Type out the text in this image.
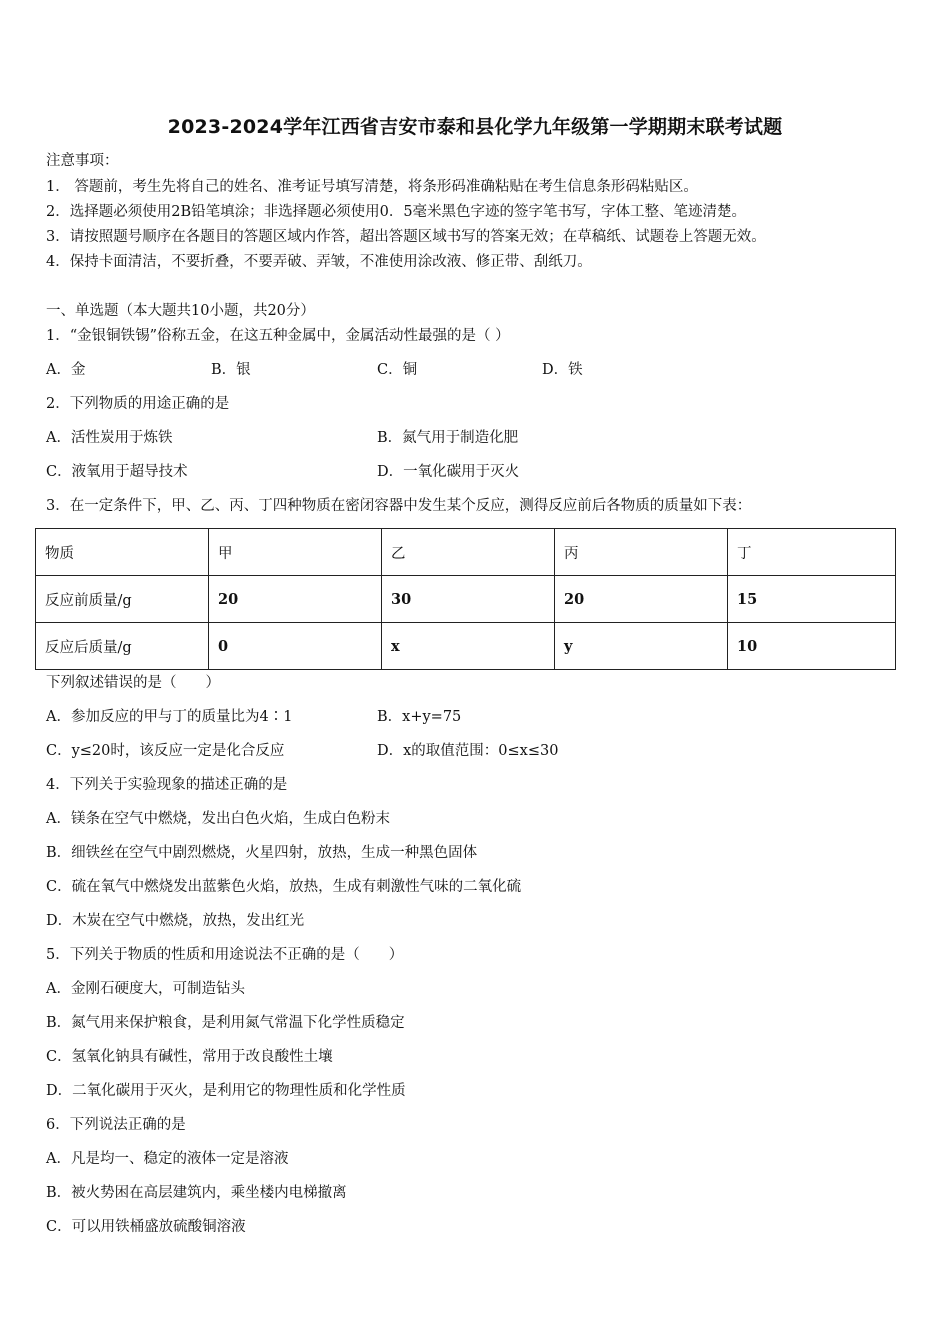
2023-2024学年江西省吉安市泰和县化学九年级第一学期期末联考试题
注意事项：
1． 答题前，考生先将自己的姓名、准考证号填写清楚，将条形码准确粘贴在考生信息条形码粘贴区。
2．选择题必须使用2B铅笔填涂；非选择题必须使用0．5毫米黑色字迹的签字笔书写，字体工整、笔迹清楚。
3．请按照题号顺序在各题目的答题区域内作答，超出答题区域书写的答案无效；在草稿纸、试题卷上答题无效。
4．保持卡面清洁，不要折叠，不要弄破、弄皱，不准使用涂改液、修正带、刮纸刀。
一、单选题（本大题共10小题，共20分）
1．“金银铜铁锡”俗称五金，在这五种金属中，金属活动性最强的是（ ）
A．金	B．银	C．铜	D．铁
2．下列物质的用途正确的是
A．活性炭用于炼铁	B．氮气用于制造化肥
C．液氧用于超导技术	D．一氧化碳用于灭火
3．在一定条件下，甲、乙、丙、丁四种物质在密闭容器中发生某个反应，测得反应前后各物质的质量如下表：
物质	甲	乙	丙	丁
反应前质量/g	20	30	20	15
反应后质量/g	0	x	y	10
下列叙述错误的是（　　）
A．参加反应的甲与丁的质量比为4∶1	B．x+y=75
C．y≤20时，该反应一定是化合反应	D．x的取值范围：0≤x≤30
4．下列关于实验现象的描述正确的是
A．镁条在空气中燃烧，发出白色火焰，生成白色粉末
B．细铁丝在空气中剧烈燃烧，火星四射，放热，生成一种黑色固体
C．硫在氧气中燃烧发出蓝紫色火焰，放热，生成有刺激性气味的二氧化硫
D．木炭在空气中燃烧，放热，发出红光
5．下列关于物质的性质和用途说法不正确的是（　　）
A．金刚石硬度大，可制造钻头
B．氮气用来保护粮食，是利用氮气常温下化学性质稳定
C．氢氧化钠具有碱性，常用于改良酸性土壤
D．二氧化碳用于灭火，是利用它的物理性质和化学性质
6．下列说法正确的是
A．凡是均一、稳定的液体一定是溶液
B．被火势困在高层建筑内，乘坐楼内电梯撤离
C．可以用铁桶盛放硫酸铜溶液
